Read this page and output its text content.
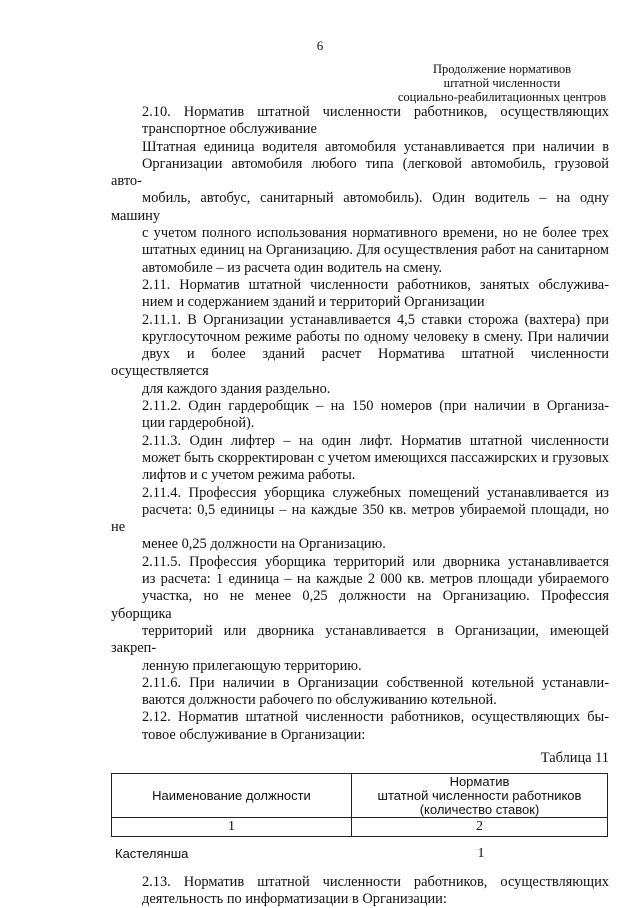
6
Продолжение нормативов
штатной численности
социально-реабилитационных центров

2.10. Норматив штатной численности работников, осуществляющих
транспортное обслуживание

Штатная единица водителя автомобиля устанавливается при наличии в
Организации автомобиля любого типа (легковой автомобиль, грузовой авто-
мобиль, автобус, санитарный автомобиль). Один водитель – на одну машину
с учетом полного использования нормативного времени, но не более трех
штатных единиц на Организацию. Для осуществления работ на санитарном
автомобиле – из расчета один водитель на смену.

2.11. Норматив штатной численности работников, занятых обслужива-
нием и содержанием зданий и территорий Организации

2.11.1. В Организации устанавливается 4,5 ставки сторожа (вахтера) при
круглосуточном режиме работы по одному человеку в смену. При наличии
двух и более зданий расчет Норматива штатной численности осуществляется
для каждого здания раздельно.

2.11.2. Один гардеробщик – на 150 номеров (при наличии в Организа-
ции гардеробной).

2.11.3. Один лифтер – на один лифт. Норматив штатной численности
может быть скорректирован с учетом имеющихся пассажирских и грузовых
лифтов и с учетом режима работы.

2.11.4. Профессия уборщика служебных помещений устанавливается из
расчета: 0,5 единицы – на каждые 350 кв. метров убираемой площади, но не
менее 0,25 должности на Организацию.

2.11.5. Профессия уборщика территорий или дворника устанавливается
из расчета: 1 единица – на каждые 2 000 кв. метров площади убираемого
участка, но не менее 0,25 должности на Организацию. Профессия уборщика
территорий или дворника устанавливается в Организации, имеющей закреп-
ленную прилегающую территорию.

2.11.6. При наличии в Организации собственной котельной устанавли-
ваются должности рабочего по обслуживанию котельной.

2.12. Норматив штатной численности работников, осуществляющих бы-
товое обслуживание в Организации:

Таблица 11
Наименование должности	Норматив
штатной численности работников
(количество ставок)

1	2
Кастелянша	1

2.13. Норматив штатной численности работников, осуществляющих
деятельность по информатизации в Организации:
